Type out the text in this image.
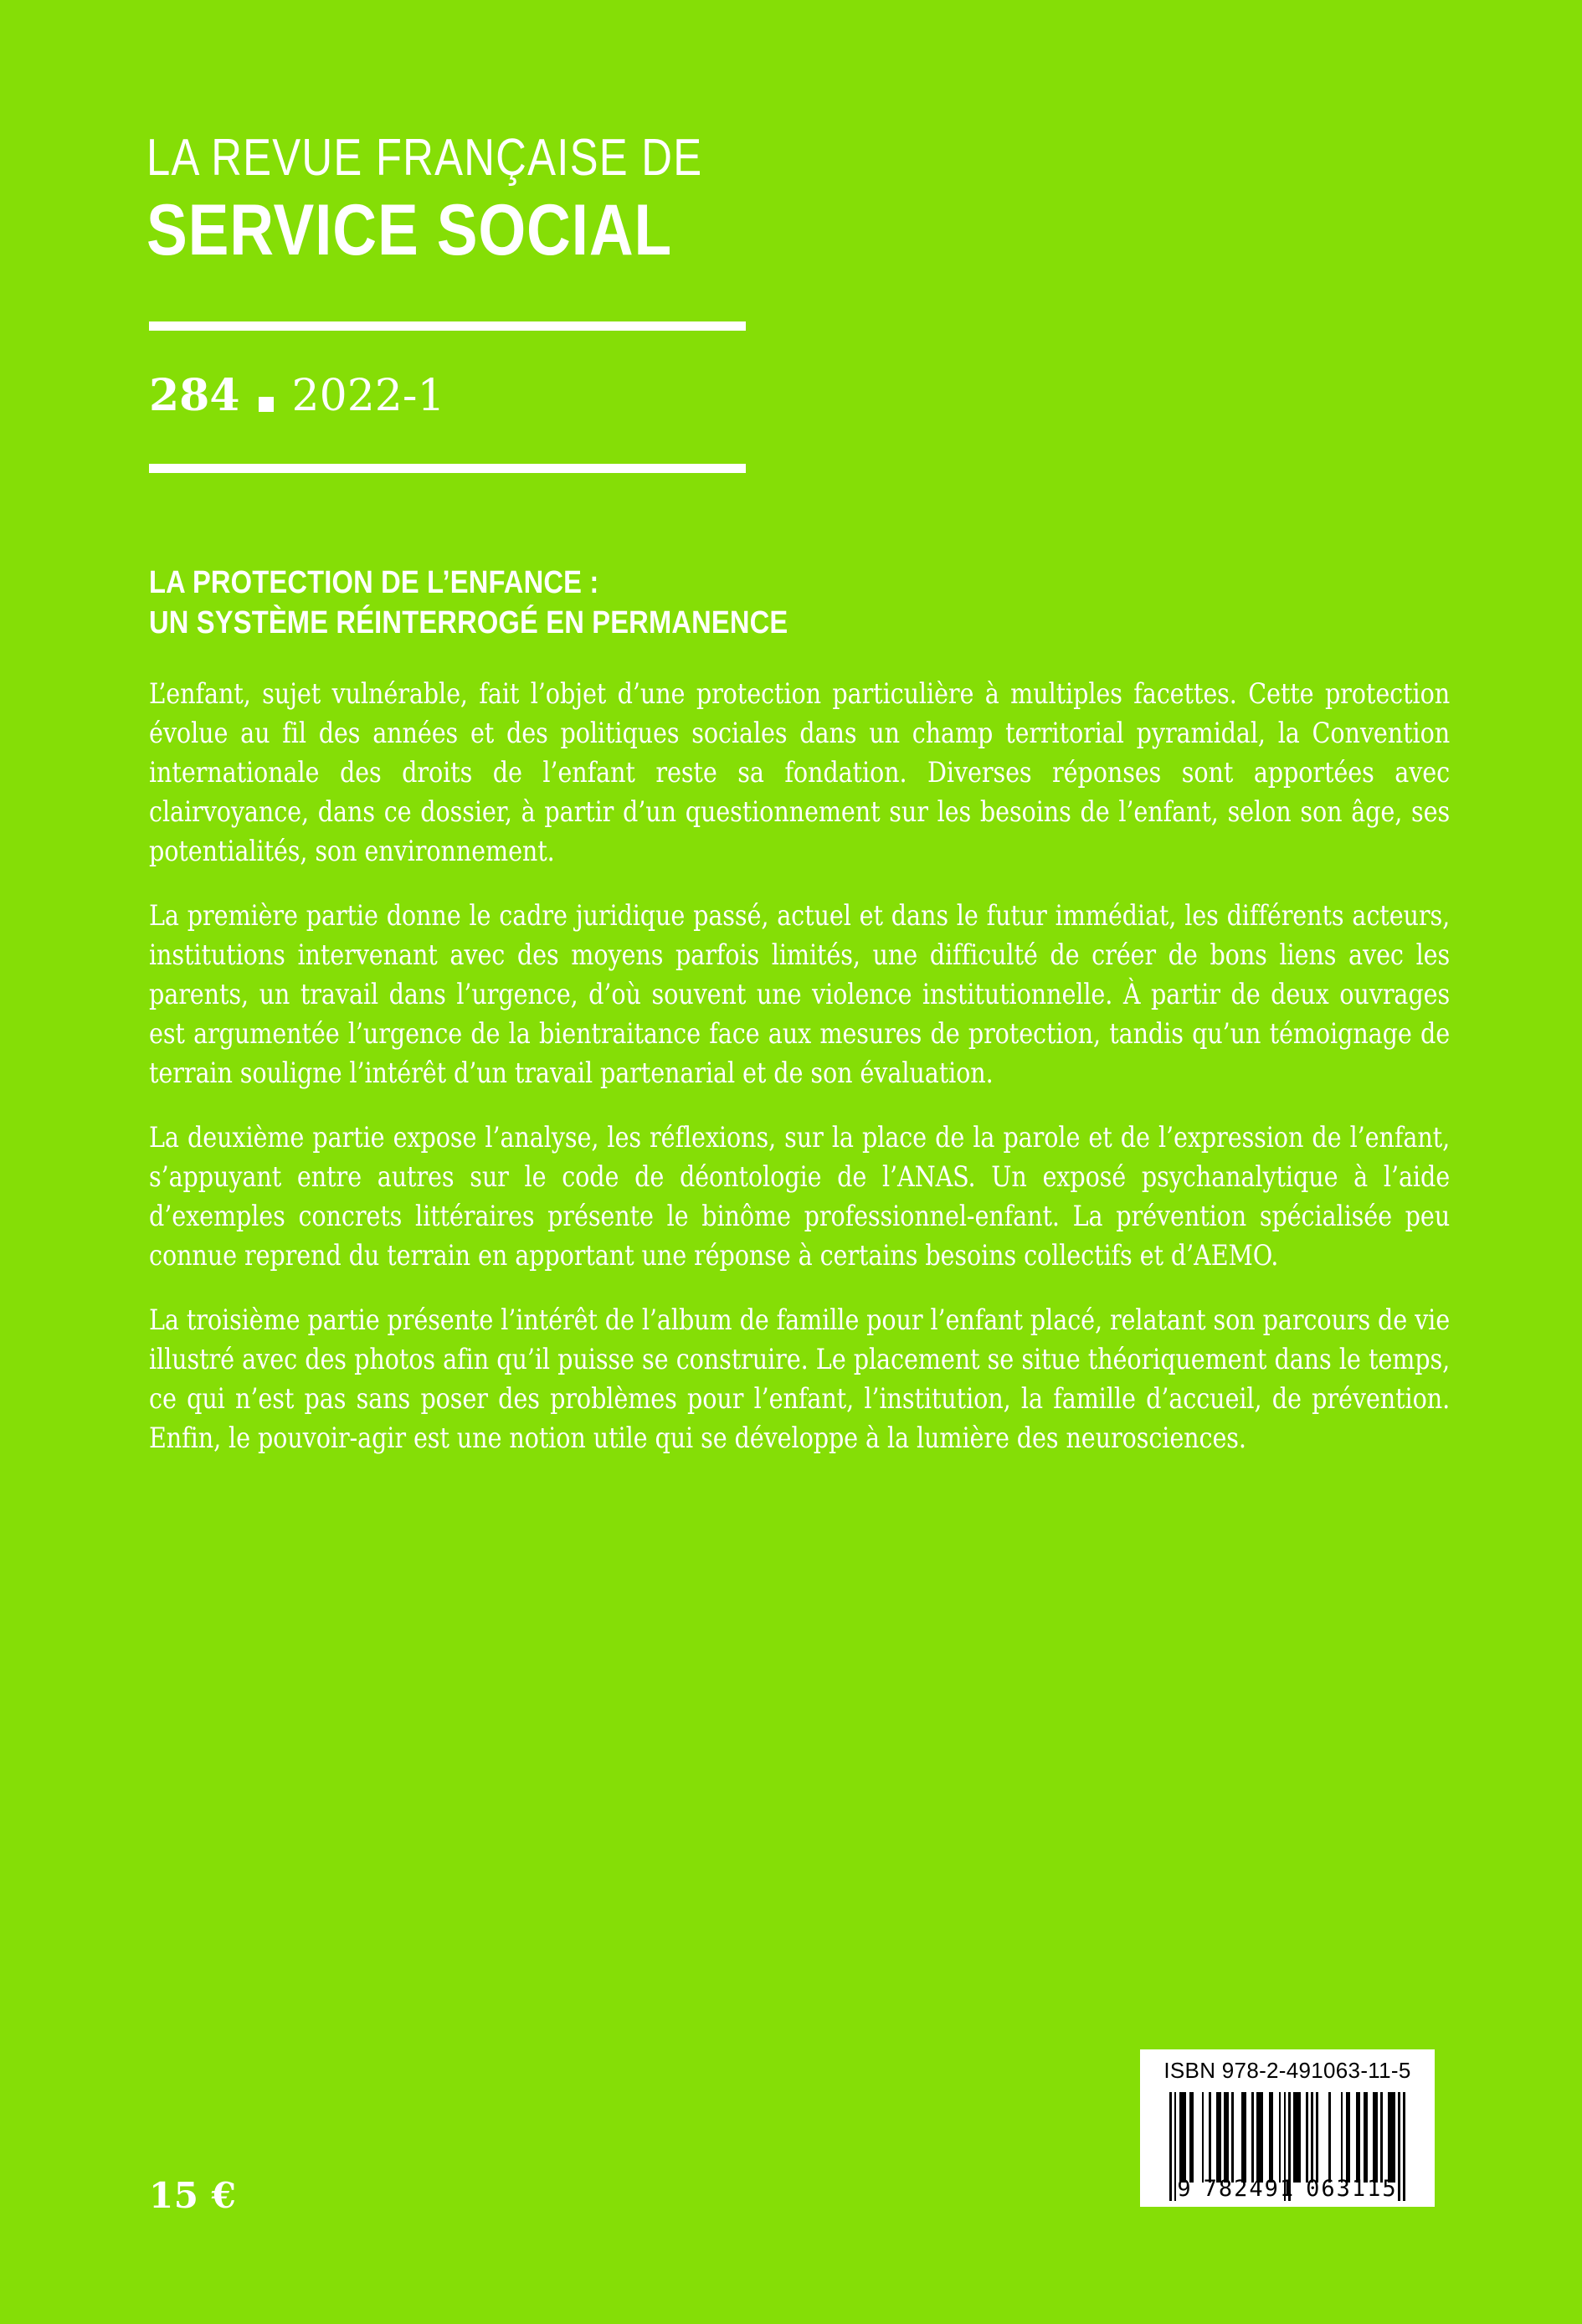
LA REVUE FRANÇAISE DE
SERVICE SOCIAL
284 2022-1
LA PROTECTION DE L’ENFANCE :
UN SYSTÈME RÉINTERROGÉ EN PERMANENCE

L’enfant, sujet vulnérable, fait l’objet d’une protection particulière à multiples facettes. Cette protection évolue au fil des années et des politiques sociales dans un champ territorial pyramidal, la Convention internationale des droits de l’enfant reste sa fondation. Diverses réponses sont apportées avec clairvoyance, dans ce dossier, à partir d’un questionnement sur les besoins de l’enfant, selon son âge, ses potentialités, son environnement.

La première partie donne le cadre juridique passé, actuel et dans le futur immédiat, les différents acteurs, institutions intervenant avec des moyens parfois limités, une difficulté de créer de bons liens avec les parents, un travail dans l’urgence, d’où souvent une violence institutionnelle. À partir de deux ouvrages est argumentée l’urgence de la bientraitance face aux mesures de protection, tandis qu’un témoignage de terrain souligne l’intérêt d’un travail partenarial et de son évaluation.

La deuxième partie expose l’analyse, les réflexions, sur la place de la parole et de l’expression de l’enfant, s’appuyant entre autres sur le code de déontologie de l’ANAS. Un exposé psychanalytique à l’aide d’exemples concrets littéraires présente le binôme professionnel-enfant. La prévention spécialisée peu connue reprend du terrain en apportant une réponse à certains besoins collectifs et d’AEMO.

La troisième partie présente l’intérêt de l’album de famille pour l’enfant placé, relatant son parcours de vie illustré avec des photos afin qu’il puisse se construire. Le placement se situe théoriquement dans le temps, ce qui n’est pas sans poser des problèmes pour l’enfant, l’institution, la famille d’accueil, de prévention. Enfin, le pouvoir-agir est une notion utile qui se développe à la lumière des neurosciences.

ISBN 978-2-491063-11-5
9 782491 063115
15 €
